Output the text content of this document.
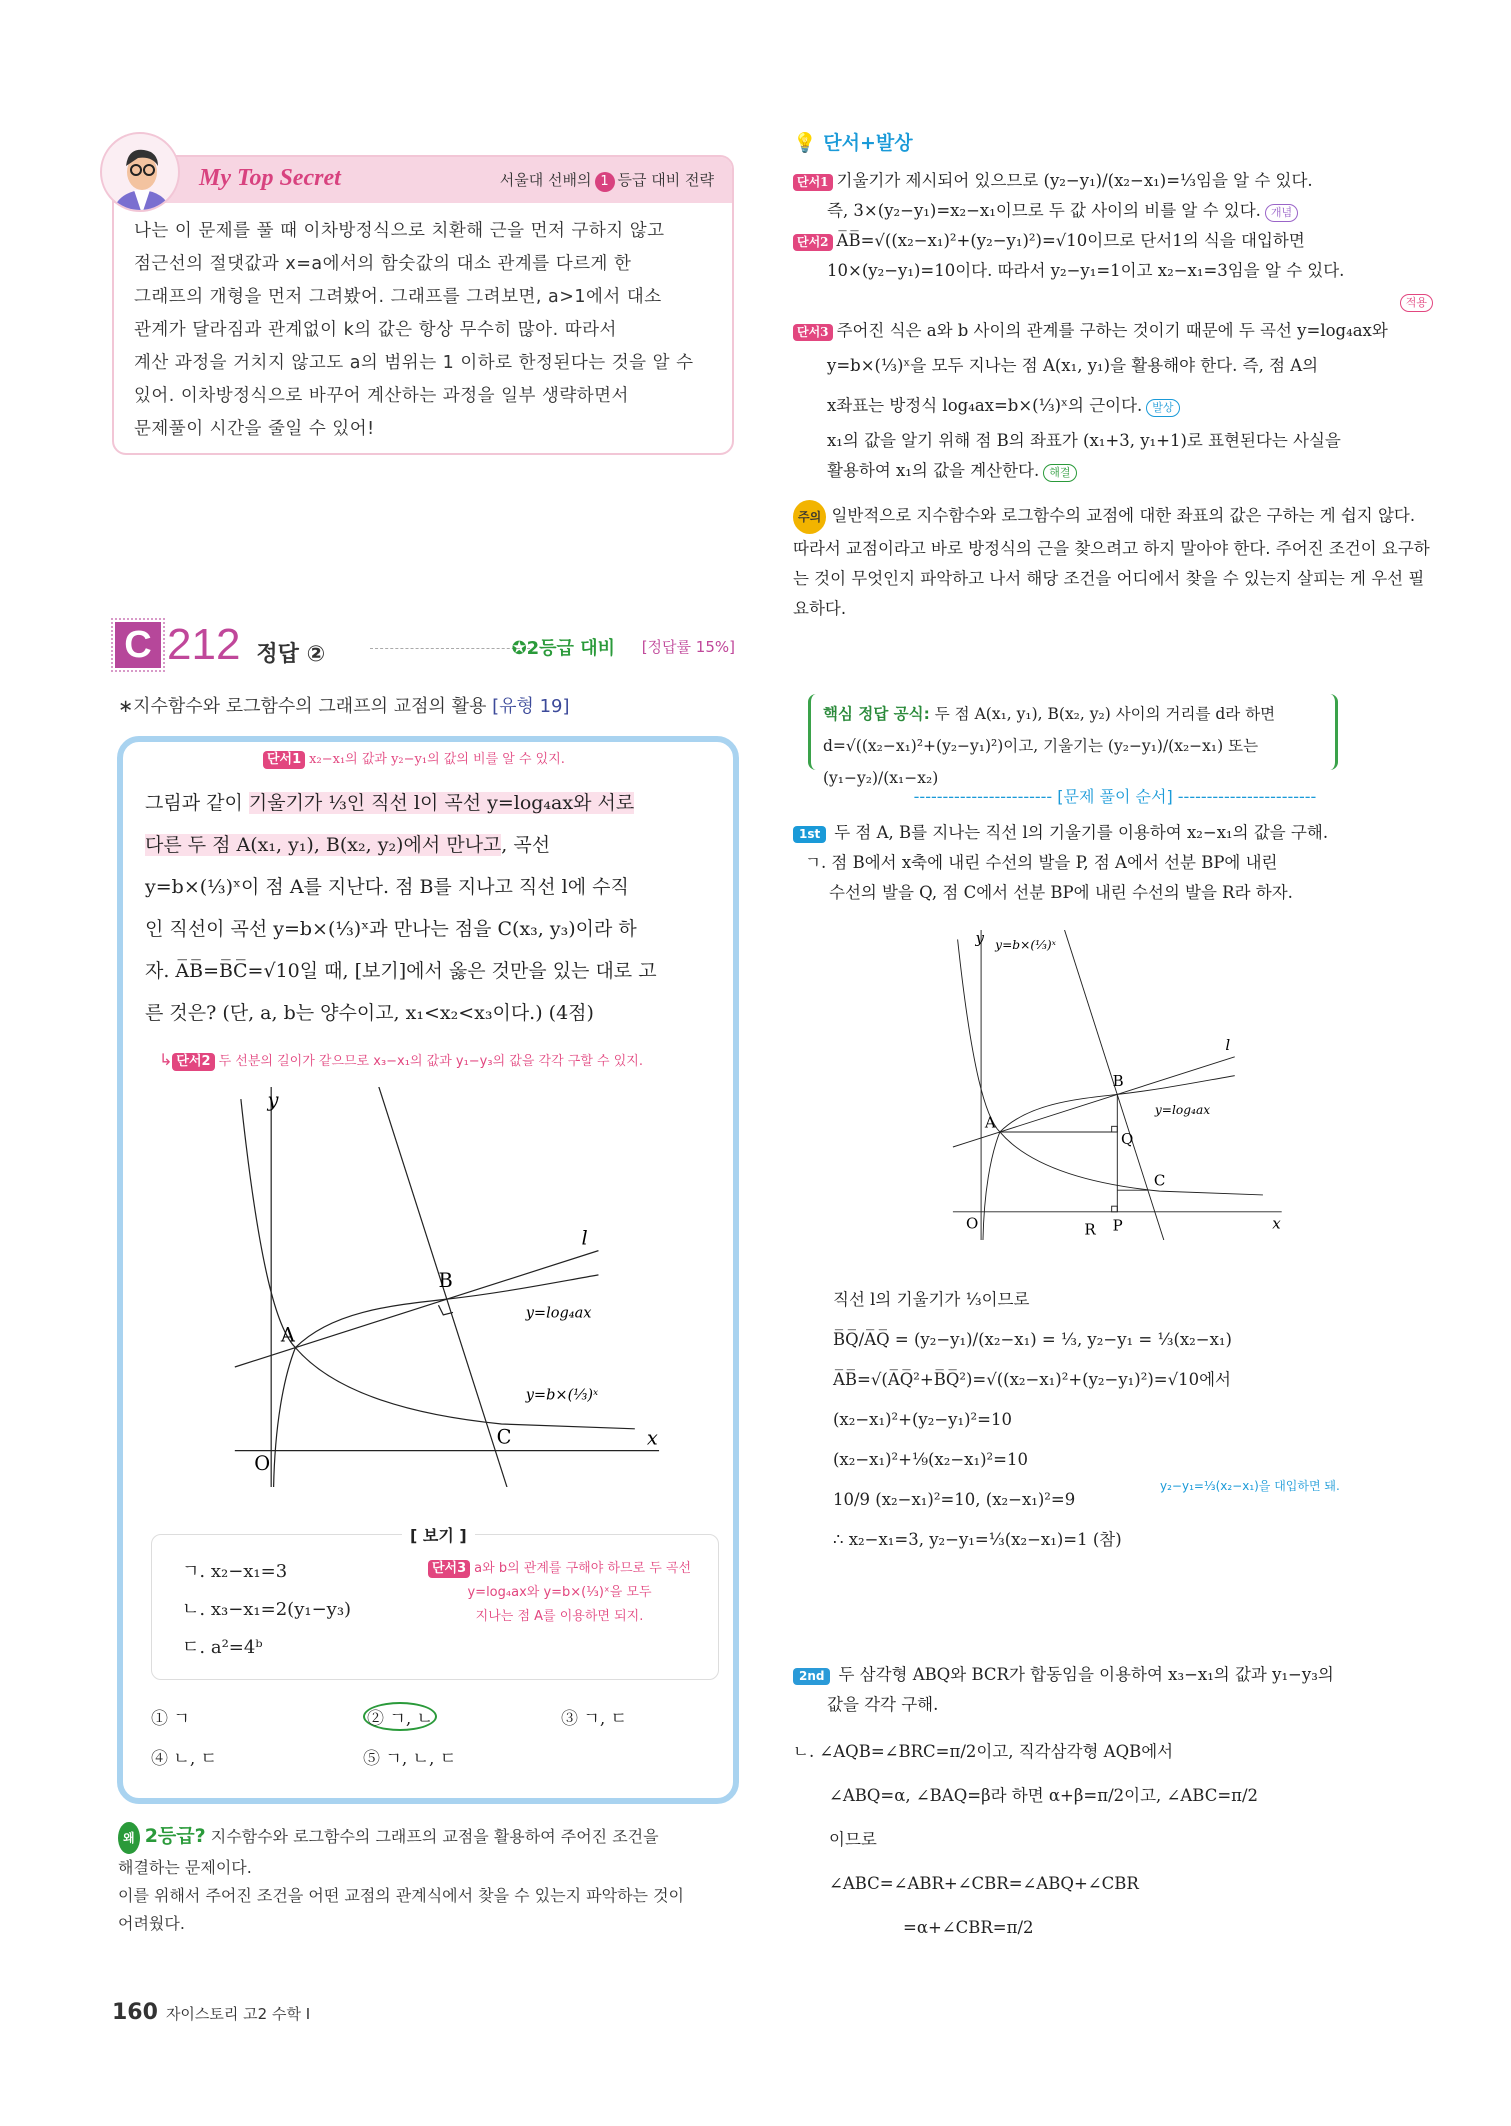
My Top Secret	서울대 선배의 1 등급 대비 전략
나는 이 문제를 풀 때 이차방정식으로 치환해 근을 먼저 구하지 않고
점근선의 절댓값과 x=a에서의 함숫값의 대소 관계를 다르게 한
그래프의 개형을 먼저 그려봤어. 그래프를 그려보면, a>1에서 대소
관계가 달라짐과 관계없이 k의 값은 항상 무수히 많아. 따라서
계산 과정을 거치지 않고도 a의 범위는 1 이하로 한정된다는 것을 알 수
있어. 이차방정식으로 바꾸어 계산하는 과정을 일부 생략하면서
문제풀이 시간을 줄일 수 있어!
C 212 정답 ②	✪2등급 대비 [정답률 15%]
∗지수함수와 로그함수의 그래프의 교점의 활용 [유형 19]
단서1 x₂−x₁의 값과 y₂−y₁의 값의 비를 알 수 있지.
그림과 같이 기울기가 ⅓인 직선 l이 곡선 y=log₄ax와 서로
다른 두 점 A(x₁, y₁), B(x₂, y₂)에서 만나고, 곡선
y=b×(⅓)ˣ이 점 A를 지난다. 점 B를 지나고 직선 l에 수직
인 직선이 곡선 y=b×(⅓)ˣ과 만나는 점을 C(x₃, y₃)이라 하
자. A̅B̅=B̅C̅=√10일 때, [보기]에서 옳은 것만을 있는 대로 고
른 것은? (단, a, b는 양수이고, x₁<x₂<x₃이다.) (4점)
↳ 단서2 두 선분의 길이가 같으므로 x₃−x₁의 값과 y₁−y₃의 값을 각각 구할 수 있지.
y
x
O
A
B
C
l
y=log₄ax
y=b×(⅓)ˣ
[ 보기 ]
ㄱ. x₂−x₁=3
ㄴ. x₃−x₁=2(y₁−y₃)
ㄷ. a²=4ᵇ
단서3 a와 b의 관계를 구해야 하므로 두 곡선
y=log₄ax와 y=b×(⅓)ˣ을 모두
지나는 점 A를 이용하면 되지.
① ㄱ	② ㄱ, ㄴ	③ ㄱ, ㄷ
④ ㄴ, ㄷ	⑤ ㄱ, ㄴ, ㄷ
왜 2등급? 지수함수와 로그함수의 그래프의 교점을 활용하여 주어진 조건을
해결하는 문제이다.
이를 위해서 주어진 조건을 어떤 교점의 관계식에서 찾을 수 있는지 파악하는 것이
어려웠다.
160 자이스토리 고2 수학 I
💡 단서+발상
단서1 기울기가 제시되어 있으므로 (y₂−y₁)/(x₂−x₁)=⅓임을 알 수 있다.
즉, 3×(y₂−y₁)=x₂−x₁이므로 두 값 사이의 비를 알 수 있다. 개념
단서2 A̅B̅=√((x₂−x₁)²+(y₂−y₁)²)=√10이므로 단서1의 식을 대입하면
10×(y₂−y₁)=10이다. 따라서 y₂−y₁=1이고 x₂−x₁=3임을 알 수 있다.
적용
단서3 주어진 식은 a와 b 사이의 관계를 구하는 것이기 때문에 두 곡선 y=log₄ax와
y=b×(⅓)ˣ을 모두 지나는 점 A(x₁, y₁)을 활용해야 한다. 즉, 점 A의
x좌표는 방정식 log₄ax=b×(⅓)ˣ의 근이다. 발상
x₁의 값을 알기 위해 점 B의 좌표가 (x₁+3, y₁+1)로 표현된다는 사실을
활용하여 x₁의 값을 계산한다. 해결
주의 일반적으로 지수함수와 로그함수의 교점에 대한 좌표의 값은 구하는 게 쉽지 않다. 따라서 교점이라고 바로 방정식의 근을 찾으려고 하지 말아야 한다. 주어진 조건이 요구하는 것이 무엇인지 파악하고 나서 해당 조건을 어디에서 찾을 수 있는지 살피는 게 우선 필요하다.
핵심 정답 공식: 두 점 A(x₁, y₁), B(x₂, y₂) 사이의 거리를 d라 하면
d=√((x₂−x₁)²+(y₂−y₁)²)이고, 기울기는 (y₂−y₁)/(x₂−x₁) 또는 (y₁−y₂)/(x₁−x₂)
------------------------ [문제 풀이 순서] ------------------------
1st 두 점 A, B를 지나는 직선 l의 기울기를 이용하여 x₂−x₁의 값을 구해.
ㄱ. 점 B에서 x축에 내린 수선의 발을 P, 점 A에서 선분 BP에 내린
수선의 발을 Q, 점 C에서 선분 BP에 내린 수선의 발을 R라 하자.
y
x
O
A
B
C
Q
P
R
l
y=log₄ax
y=b×(⅓)ˣ
직선 l의 기울기가 ⅓이므로
B̅Q̅/A̅Q̅ = (y₂−y₁)/(x₂−x₁) = ⅓, y₂−y₁ = ⅓(x₂−x₁)
A̅B̅=√(A̅Q̅²+B̅Q̅²)=√((x₂−x₁)²+(y₂−y₁)²)=√10에서
(x₂−x₁)²+(y₂−y₁)²=10
(x₂−x₁)²+⅑(x₂−x₁)²=10
10/9 (x₂−x₁)²=10, (x₂−x₁)²=9
∴ x₂−x₁=3, y₂−y₁=⅓(x₂−x₁)=1 (참)
y₂−y₁=⅓(x₂−x₁)을 대입하면 돼.
2nd 두 삼각형 ABQ와 BCR가 합동임을 이용하여 x₃−x₁의 값과 y₁−y₃의
값을 각각 구해.
ㄴ. ∠AQB=∠BRC=π/2이고, 직각삼각형 AQB에서
∠ABQ=α, ∠BAQ=β라 하면 α+β=π/2이고, ∠ABC=π/2
이므로
∠ABC=∠ABR+∠CBR=∠ABQ+∠CBR
=α+∠CBR=π/2
